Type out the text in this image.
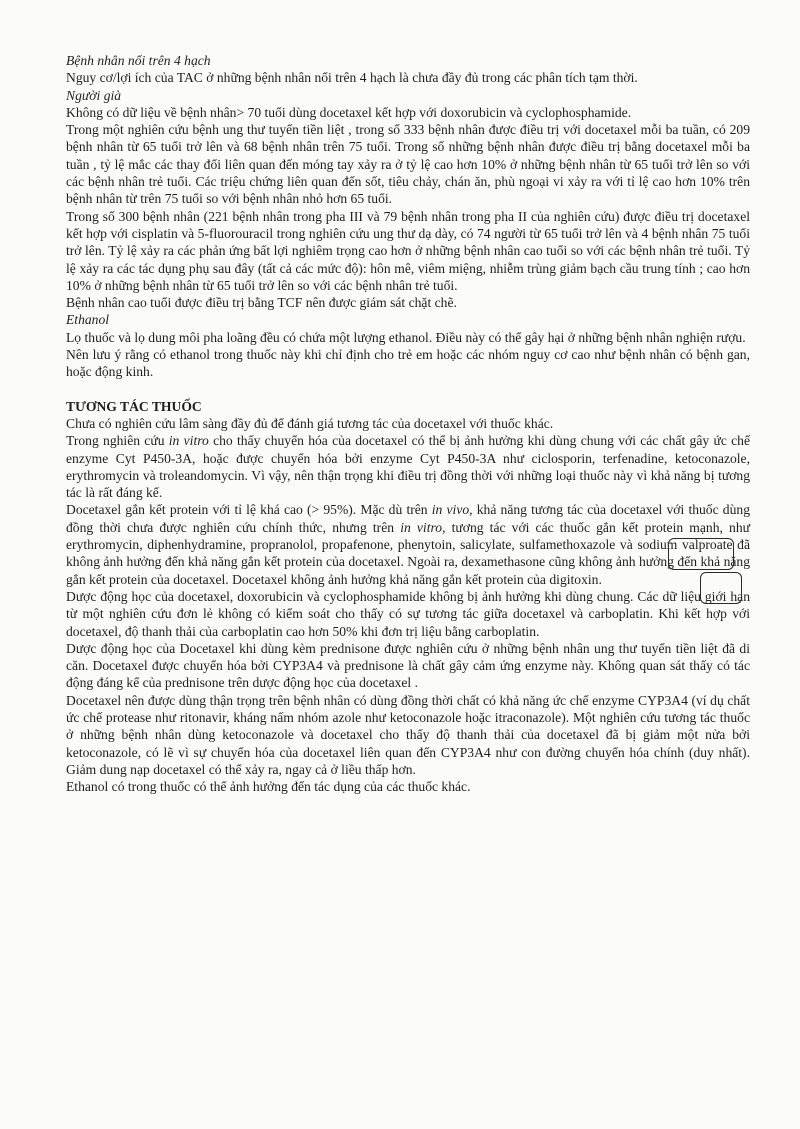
Bệnh nhân nổi trên 4 hạch

Nguy cơ/lợi ích của TAC ở những bệnh nhân nổi trên 4 hạch là chưa đầy đủ trong các phân tích tạm thời.

Người già

Không có dữ liệu về bệnh nhân> 70 tuổi dùng docetaxel kết hợp với doxorubicin và cyclophosphamide.

Trong một nghiên cứu bệnh ung thư tuyến tiền liệt , trong số 333 bệnh nhân được điều trị với docetaxel mỗi ba tuần, có 209 bệnh nhân từ 65 tuổi trở lên và 68 bệnh nhân trên 75 tuổi. Trong số những bệnh nhân được điều trị bằng docetaxel mỗi ba tuần , tỷ lệ mắc các thay đổi liên quan đến móng tay xảy ra ở tỷ lệ cao hơn 10% ở những bệnh nhân từ 65 tuổi trở lên so với các bệnh nhân trẻ tuổi. Các triệu chứng liên quan đến sốt, tiêu chảy, chán ăn, phù ngoại vi xảy ra với tỉ lệ cao hơn 10% trên bệnh nhân từ trên 75 tuổi so với bệnh nhân nhỏ hơn 65 tuổi.

Trong số 300 bệnh nhân (221 bệnh nhân trong pha III và 79 bệnh nhân trong pha II của nghiên cứu) được điều trị docetaxel kết hợp với cisplatin và 5-fluorouracil trong nghiên cứu ung thư dạ dày, có 74 người từ 65 tuổi trở lên và 4 bệnh nhân 75 tuổi trở lên. Tỷ lệ xảy ra các phản ứng bất lợi nghiêm trọng cao hơn ở những bệnh nhân cao tuổi so với các bệnh nhân trẻ tuổi. Tỷ lệ xảy ra các tác dụng phụ sau đây (tất cả các mức độ): hôn mê, viêm miệng, nhiễm trùng giảm bạch cầu trung tính ; cao hơn 10% ở những bệnh nhân từ 65 tuổi trở lên so với các bệnh nhân trẻ tuổi.

Bệnh nhân cao tuổi được điều trị bằng TCF nên được giám sát chặt chẽ.

Ethanol

Lọ thuốc và lọ dung môi pha loãng đều có chứa một lượng ethanol. Điều này có thể gây hại ở những bệnh nhân nghiện rượu.

Nên lưu ý rằng có ethanol trong thuốc này khi chỉ định cho trẻ em hoặc các nhóm nguy cơ cao như bệnh nhân có bệnh gan, hoặc động kinh.

TƯƠNG TÁC THUỐC

Chưa có nghiên cứu lâm sàng đầy đủ để đánh giá tương tác của docetaxel với thuốc khác.

Trong nghiên cứu in vitro cho thấy chuyển hóa của docetaxel có thể bị ảnh hưởng khi dùng chung với các chất gây ức chế enzyme Cyt P450-3A, hoặc được chuyển hóa bởi enzyme Cyt P450-3A như ciclosporin, terfenadine, ketoconazole, erythromycin và troleandomycin. Vì vậy, nên thận trọng khi điều trị đồng thời với những loại thuốc này vì khả năng bị tương tác là rất đáng kể.

Docetaxel gắn kết protein với tỉ lệ khá cao (> 95%). Mặc dù trên in vivo, khả năng tương tác của docetaxel với thuốc dùng đồng thời chưa được nghiên cứu chính thức, nhưng trên in vitro, tương tác với các thuốc gắn kết protein mạnh, như erythromycin, diphenhydramine, propranolol, propafenone, phenytoin, salicylate, sulfamethoxazole và sodium valproate đã không ảnh hưởng đến khả năng gắn kết protein của docetaxel. Ngoài ra, dexamethasone cũng không ảnh hưởng đến khả năng gắn kết protein của docetaxel. Docetaxel không ảnh hưởng khả năng gắn kết protein của digitoxin.

Dược động học của docetaxel, doxorubicin và cyclophosphamide không bị ảnh hưởng khi dùng chung. Các dữ liệu giới hạn từ một nghiên cứu đơn lẻ không có kiểm soát cho thấy có sự tương tác giữa docetaxel và carboplatin. Khi kết hợp với docetaxel, độ thanh thải của carboplatin cao hơn 50% khi đơn trị liệu bằng carboplatin.

Dược động học của Docetaxel khi dùng kèm prednisone được nghiên cứu ở những bệnh nhân ung thư tuyến tiền liệt đã di căn. Docetaxel được chuyển hóa bởi CYP3A4 và prednisone là chất gây cảm ứng enzyme này. Không quan sát thấy có tác động đáng kể của prednisone trên dược động học của docetaxel .

Docetaxel nên được dùng thận trọng trên bệnh nhân có dùng đồng thời chất có khả năng ức chế enzyme CYP3A4 (ví dụ chất ức chế protease như ritonavir, kháng nấm nhóm azole như ketoconazole hoặc itraconazole). Một nghiên cứu tương tác thuốc ở những bệnh nhân dùng ketoconazole và docetaxel cho thấy độ thanh thải của docetaxel đã bị giảm một nửa bởi ketoconazole, có lẽ vì sự chuyển hóa của docetaxel liên quan đến CYP3A4 như con đường chuyển hóa chính (duy nhất). Giảm dung nạp docetaxel có thể xảy ra, ngay cả ở liều thấp hơn.

Ethanol có trong thuốc có thể ảnh hưởng đến tác dụng của các thuốc khác.
